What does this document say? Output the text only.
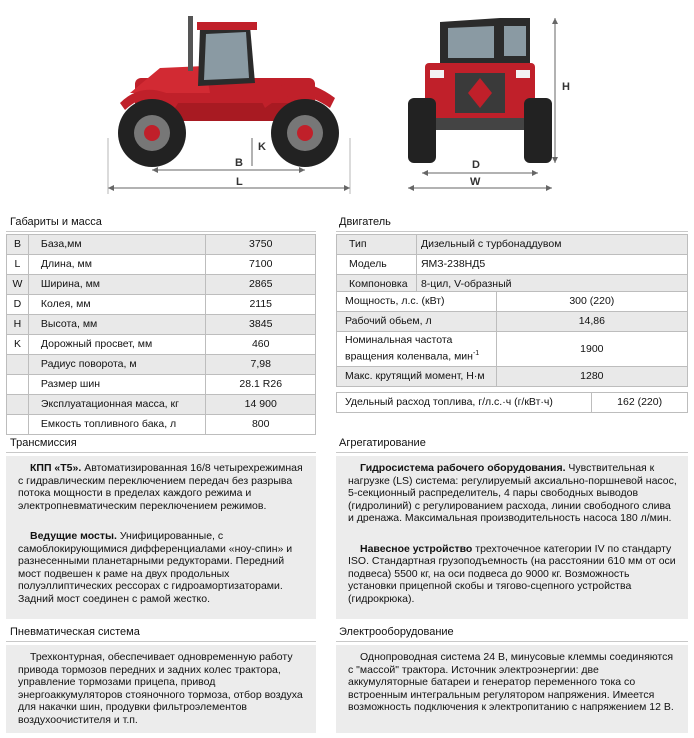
B
L
K
H
D
W
Габариты и масса
B	База,мм	3750
L	Длина, мм	7100
W	Ширина, мм	2865
D	Колея, мм	2115
H	Высота, мм	3845
K	Дорожный просвет, мм	460
	Радиус поворота, м	7,98
	Размер шин	28.1 R26
	Эксплуатационная масса, кг	14 900
	Емкость топливного бака, л	800
Двигатель
Тип	Дизельный с турбонаддувом
Модель	ЯМЗ-238НД5
Компоновка	8-цил, V-образный
Мощность, л.с. (кВт)	300 (220)
Рабочий обьем, л	14,86
Номинальная частота
вращения коленвала, мин$^{-1}$	1900
Макс. крутящий момент, Н·м	1280
Удельный расход топлива, г/л.с.·ч (г/кВт·ч)	162 (220)
Трансмиссия

КПП «Т5». Автоматизированная 16/8 четырехрежимная с гидравлическим переключением передач без разрыва потока мощности в пределах каждого режима и электропневматическим переключением режимов.

Ведущие мосты. Унифицированные, с самоблокирующимися дифференциалами «ноу-спин» и разнесенными планетарными редукторами. Передний мост подвешен к раме на двух продольных полуэллиптических рессорах с гидроамортизаторами. Задний мост соединен с рамой жестко.

Агрегатирование

Гидросистема рабочего оборудования. Чувствительная к нагрузке (LS) система: регулируемый аксиально-поршневой насос, 5-секционный распределитель, 4 пары свободных выводов (гидролиний) с регулированием расхода, линии свободного слива и дренажа. Максимальная производительность насоса 180 л/мин.

Навесное устройство трехточечное категории IV по стандарту ISO. Стандартная грузоподъемность (на расстоянии 610 мм от оси подвеса) 5500 кг, на оси подвеса до 9000 кг. Возможность установки прицепной скобы и тягово-сцепного устройства (гидрокрюка).

Пневматическая система

Трехконтурная, обеспечивает одновременную работу привода тормозов передних и задних колес трактора, управление тормозами прицепа, привод энергоаккумуляторов стояночного тормоза, отбор воздуха для накачки шин, продувки фильтроэлементов воздухоочистителя и т.п.

Электрооборудование

Однопроводная система 24 В, минусовые клеммы соединяются с "массой" трактора. Источник электроэнергии: две аккумуляторные батареи и генератор переменного тока со встроенным интегральным регулятором напряжения. Имеется возможность подключения к электропитанию с напряжением 12 В.
